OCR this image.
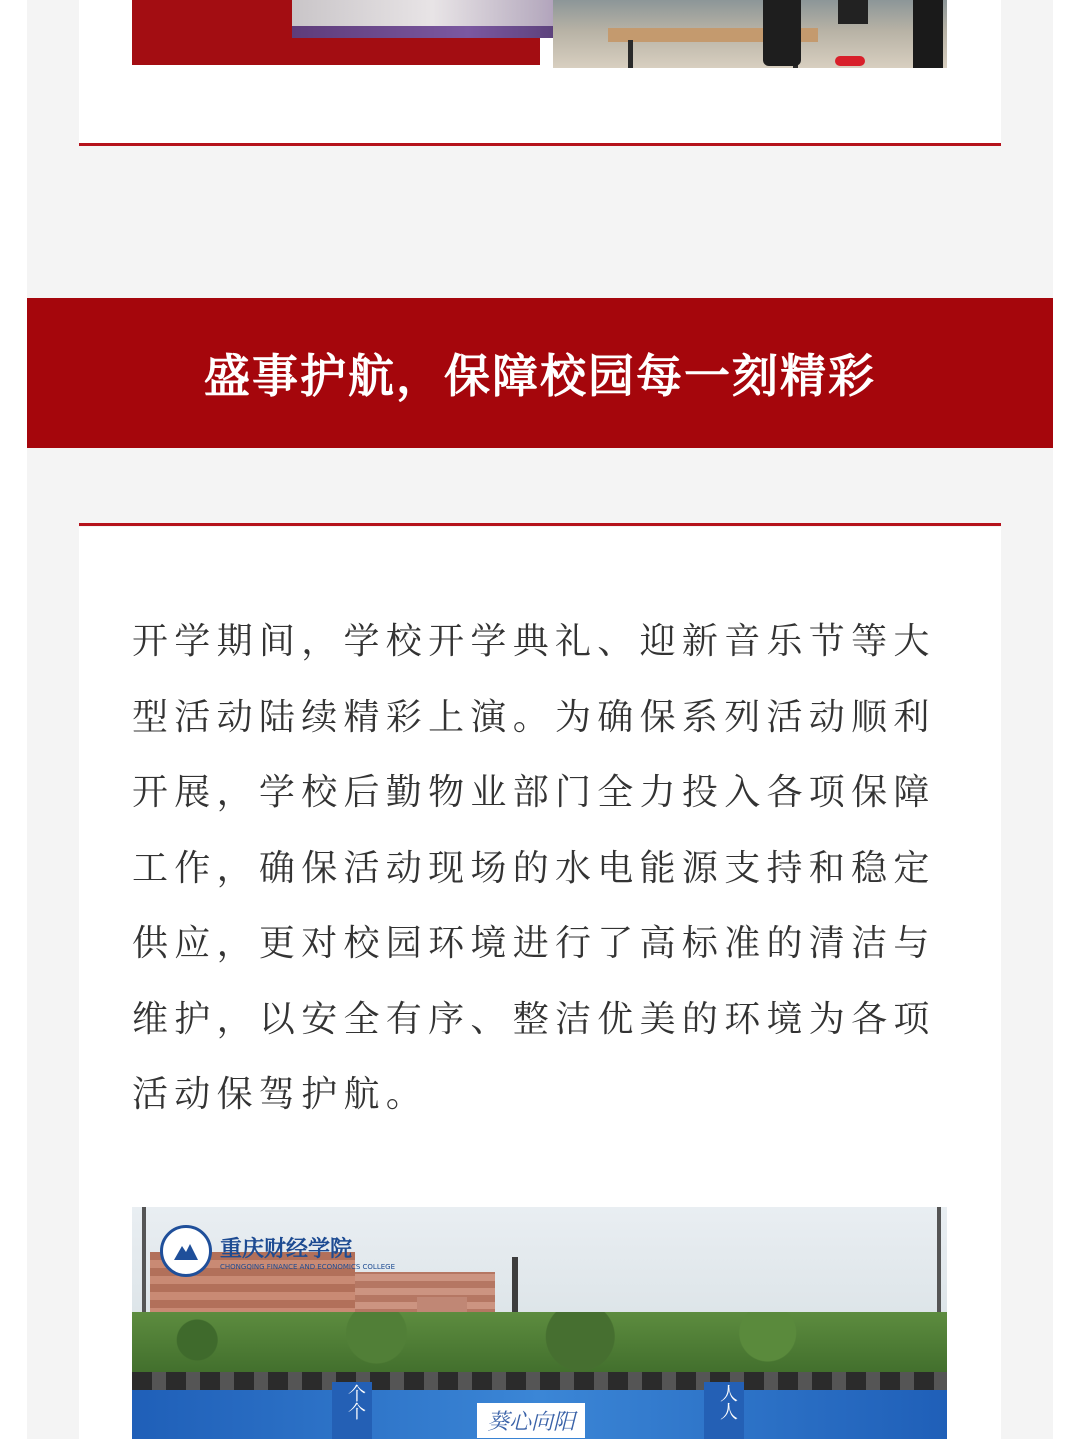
盛事护航，保障校园每一刻精彩

开学期间，学校开学典礼、迎新音乐节等大型活动陆续精彩上演。为确保系列活动顺利开展，学校后勤物业部门全力投入各项保障工作，确保活动现场的水电能源支持和稳定供应，更对校园环境进行了高标准的清洁与维护，以安全有序、整洁优美的环境为各项活动保驾护航。

个个	人人
葵心向阳
重庆财经学院
CHONGQING FINANCE AND ECONOMICS COLLEGE
